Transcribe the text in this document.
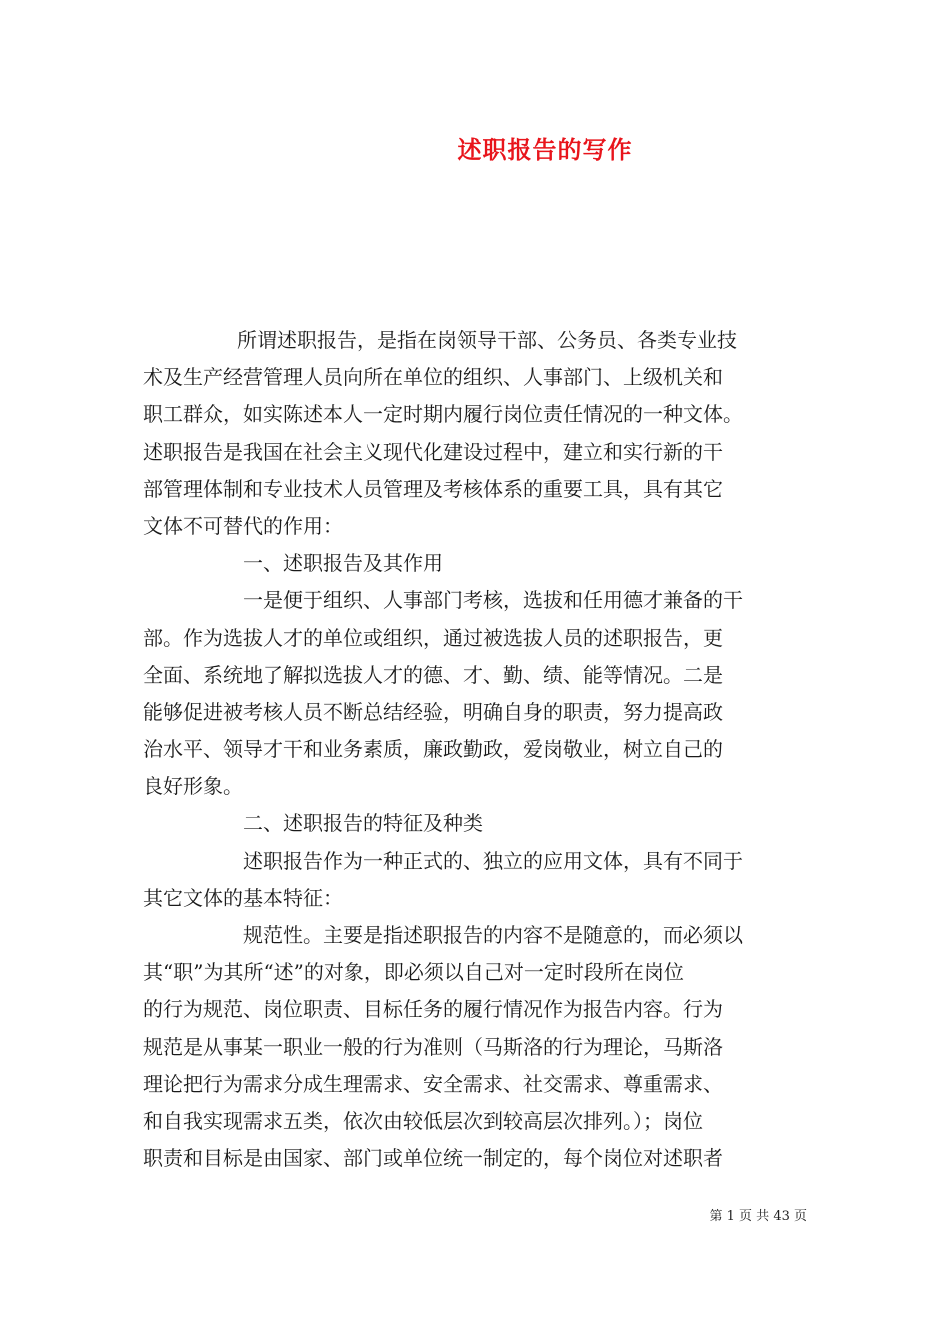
述职报告的写作
所谓述职报告，是指在岗领导干部、公务员、各类专业技
术及生产经营管理人员向所在单位的组织、人事部门、上级机关和
职工群众，如实陈述本人一定时期内履行岗位责任情况的一种文体。
述职报告是我国在社会主义现代化建设过程中，建立和实行新的干
部管理体制和专业技术人员管理及考核体系的重要工具，具有其它
文体不可替代的作用：
一、述职报告及其作用
一是便于组织、人事部门考核，选拔和任用德才兼备的干
部。作为选拔人才的单位或组织，通过被选拔人员的述职报告，更
全面、系统地了解拟选拔人才的德、才、勤、绩、能等情况。二是
能够促进被考核人员不断总结经验，明确自身的职责，努力提高政
治水平、领导才干和业务素质，廉政勤政，爱岗敬业，树立自己的
良好形象。
二、述职报告的特征及种类
述职报告作为一种正式的、独立的应用文体，具有不同于
其它文体的基本特征：
规范性。主要是指述职报告的内容不是随意的，而必须以
其“职”为其所“述”的对象，即必须以自己对一定时段所在岗位
的行为规范、岗位职责、目标任务的履行情况作为报告内容。行为
规范是从事某一职业一般的行为准则（马斯洛的行为理论，马斯洛
理论把行为需求分成生理需求、安全需求、社交需求、尊重需求、
和自我实现需求五类，依次由较低层次到较高层次排列。）；岗位
职责和目标是由国家、部门或单位统一制定的，每个岗位对述职者
第 1 页 共 43 页
